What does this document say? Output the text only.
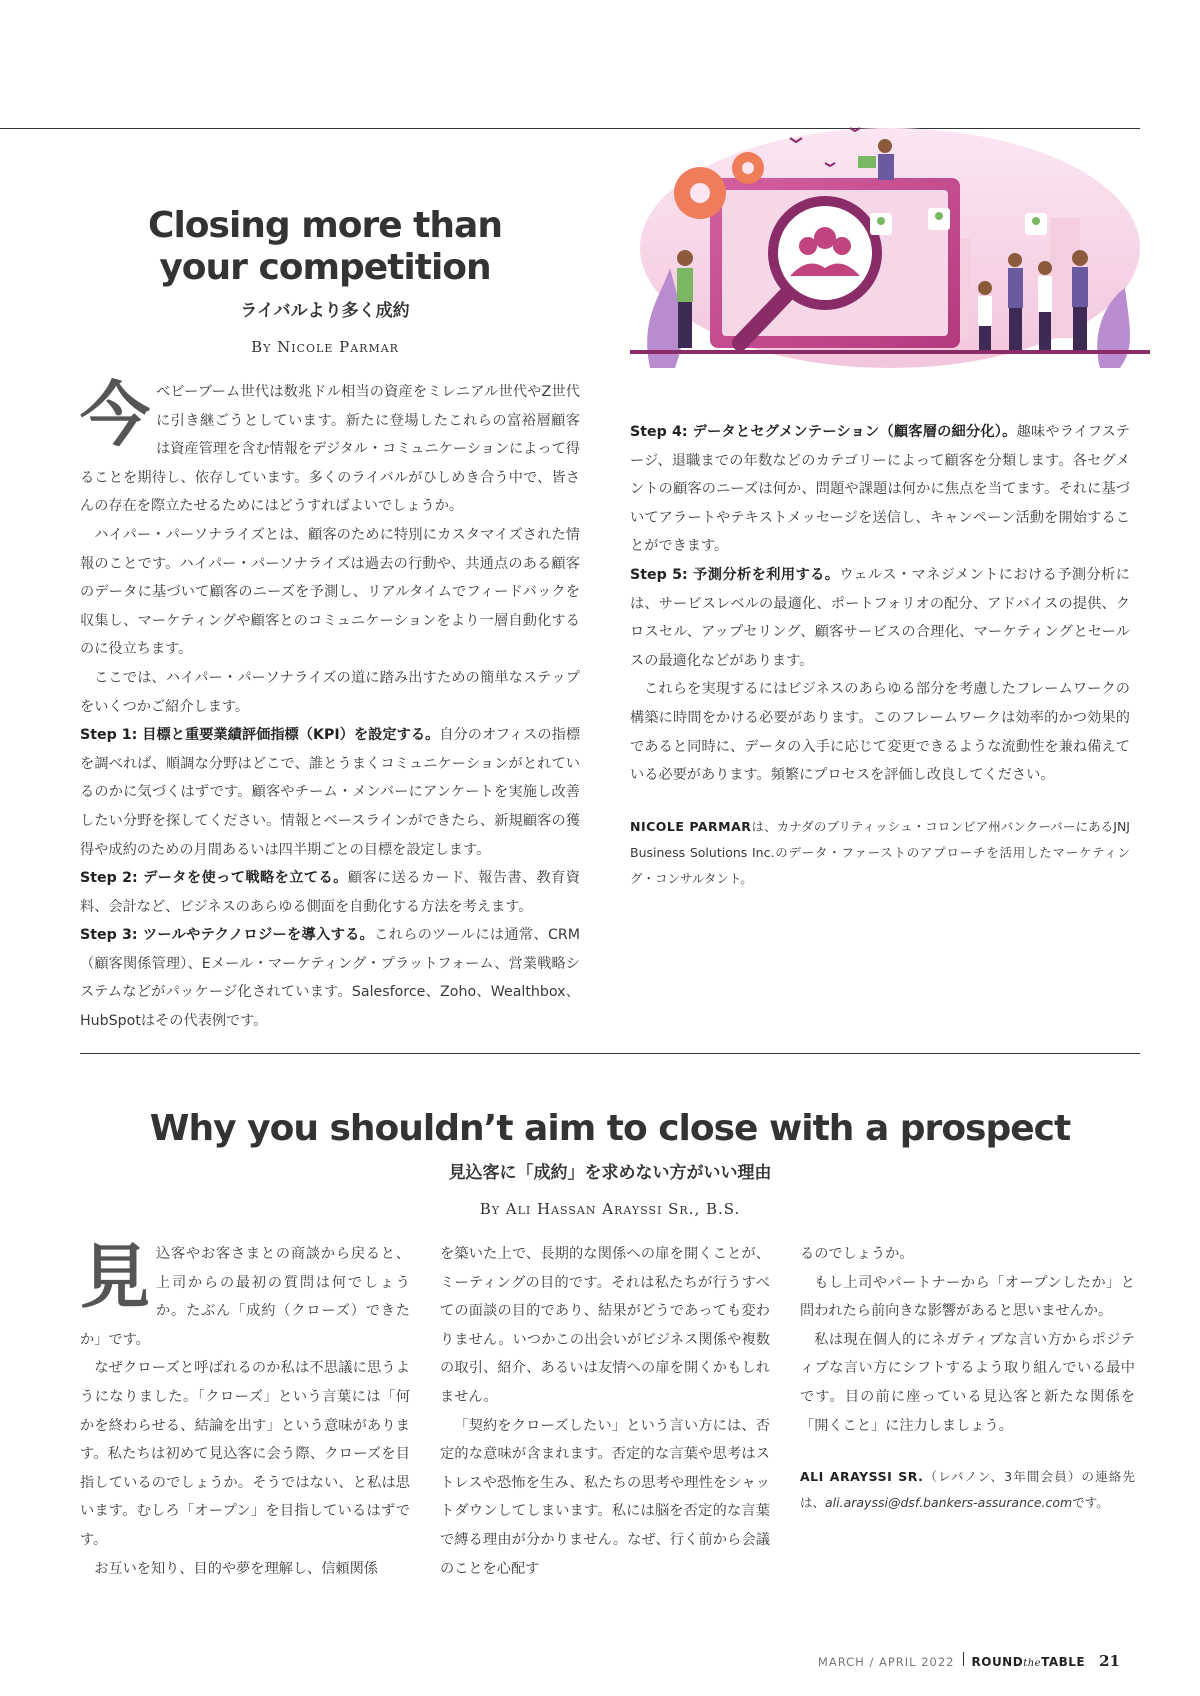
Closing more than
your competition
ライバルより多く成約
By Nicole Parmar

今 ベビーブーム世代は数兆ドル相当の資産をミレニアル世代やZ世代に引き継ごうとしています。新たに登場したこれらの富裕層顧客は資産管理を含む情報をデジタル・コミュニケーションによって得ることを期待し、依存しています。多くのライバルがひしめき合う中で、皆さんの存在を際立たせるためにはどうすればよいでしょうか。

ハイパー・パーソナライズとは、顧客のために特別にカスタマイズされた情報のことです。ハイパー・パーソナライズは過去の行動や、共通点のある顧客のデータに基づいて顧客のニーズを予測し、リアルタイムでフィードバックを収集し、マーケティングや顧客とのコミュニケーションをより一層自動化するのに役立ちます。

ここでは、ハイパー・パーソナライズの道に踏み出すための簡単なステップをいくつかご紹介します。

Step 1: 目標と重要業績評価指標（KPI）を設定する。自分のオフィスの指標を調べれば、順調な分野はどこで、誰とうまくコミュニケーションがとれているのかに気づくはずです。顧客やチーム・メンバーにアンケートを実施し改善したい分野を探してください。情報とベースラインができたら、新規顧客の獲得や成約のための月間あるいは四半期ごとの目標を設定します。

Step 2: データを使って戦略を立てる。顧客に送るカード、報告書、教育資料、会計など、ビジネスのあらゆる側面を自動化する方法を考えます。

Step 3: ツールやテクノロジーを導入する。これらのツールには通常、CRM（顧客関係管理）、Eメール・マーケティング・プラットフォーム、営業戦略システムなどがパッケージ化されています。Salesforce、Zoho、Wealthbox、HubSpotはその代表例です。

Step 4: データとセグメンテーション（顧客層の細分化）。趣味やライフステージ、退職までの年数などのカテゴリーによって顧客を分類します。各セグメントの顧客のニーズは何か、問題や課題は何かに焦点を当てます。それに基づいてアラートやテキストメッセージを送信し、キャンペーン活動を開始することができます。

Step 5: 予測分析を利用する。ウェルス・マネジメントにおける予測分析には、サービスレベルの最適化、ポートフォリオの配分、アドバイスの提供、クロスセル、アップセリング、顧客サービスの合理化、マーケティングとセールスの最適化などがあります。

これらを実現するにはビジネスのあらゆる部分を考慮したフレームワークの構築に時間をかける必要があります。このフレームワークは効率的かつ効果的であると同時に、データの入手に応じて変更できるような流動性を兼ね備えている必要があります。頻繁にプロセスを評価し改良してください。

NICOLE PARMARは、カナダのブリティッシュ・コロンビア州バンクーバーにあるJNJ Business Solutions Inc.のデータ・ファーストのアプローチを活用したマーケティング・コンサルタント。

Why you shouldn’t aim to close with a prospect
見込客に「成約」を求めない方がいい理由
By Ali Hassan Arayssi Sr., B.S.

見 込客やお客さまとの商談から戻ると、上司からの最初の質問は何でしょうか。たぶん「成約（クローズ）できたか」です。

なぜクローズと呼ばれるのか私は不思議に思うようになりました。「クローズ」という言葉には「何かを終わらせる、結論を出す」という意味があります。私たちは初めて見込客に会う際、クローズを目指しているのでしょうか。そうではない、と私は思います。むしろ「オープン」を目指しているはずです。

お互いを知り、目的や夢を理解し、信頼関係

を築いた上で、長期的な関係への扉を開くことが、ミーティングの目的です。それは私たちが行うすべての面談の目的であり、結果がどうであっても変わりません。いつかこの出会いがビジネス関係や複数の取引、紹介、あるいは友情への扉を開くかもしれません。

「契約をクローズしたい」という言い方には、否定的な意味が含まれます。否定的な言葉や思考はストレスや恐怖を生み、私たちの思考や理性をシャットダウンしてしまいます。私には脳を否定的な言葉で縛る理由が分かりません。なぜ、行く前から会議のことを心配す

るのでしょうか。

もし上司やパートナーから「オープンしたか」と問われたら前向きな影響があると思いませんか。

私は現在個人的にネガティブな言い方からポジティブな言い方にシフトするよう取り組んでいる最中です。目の前に座っている見込客と新たな関係を「開くこと」に注力しましょう。

ALI ARAYSSI SR.（レバノン、3年間会員）の連絡先は、ali.arayssi@dsf.bankers-assurance.comです。

MARCH / APRIL 2022 ROUNDtheTABLE 21
